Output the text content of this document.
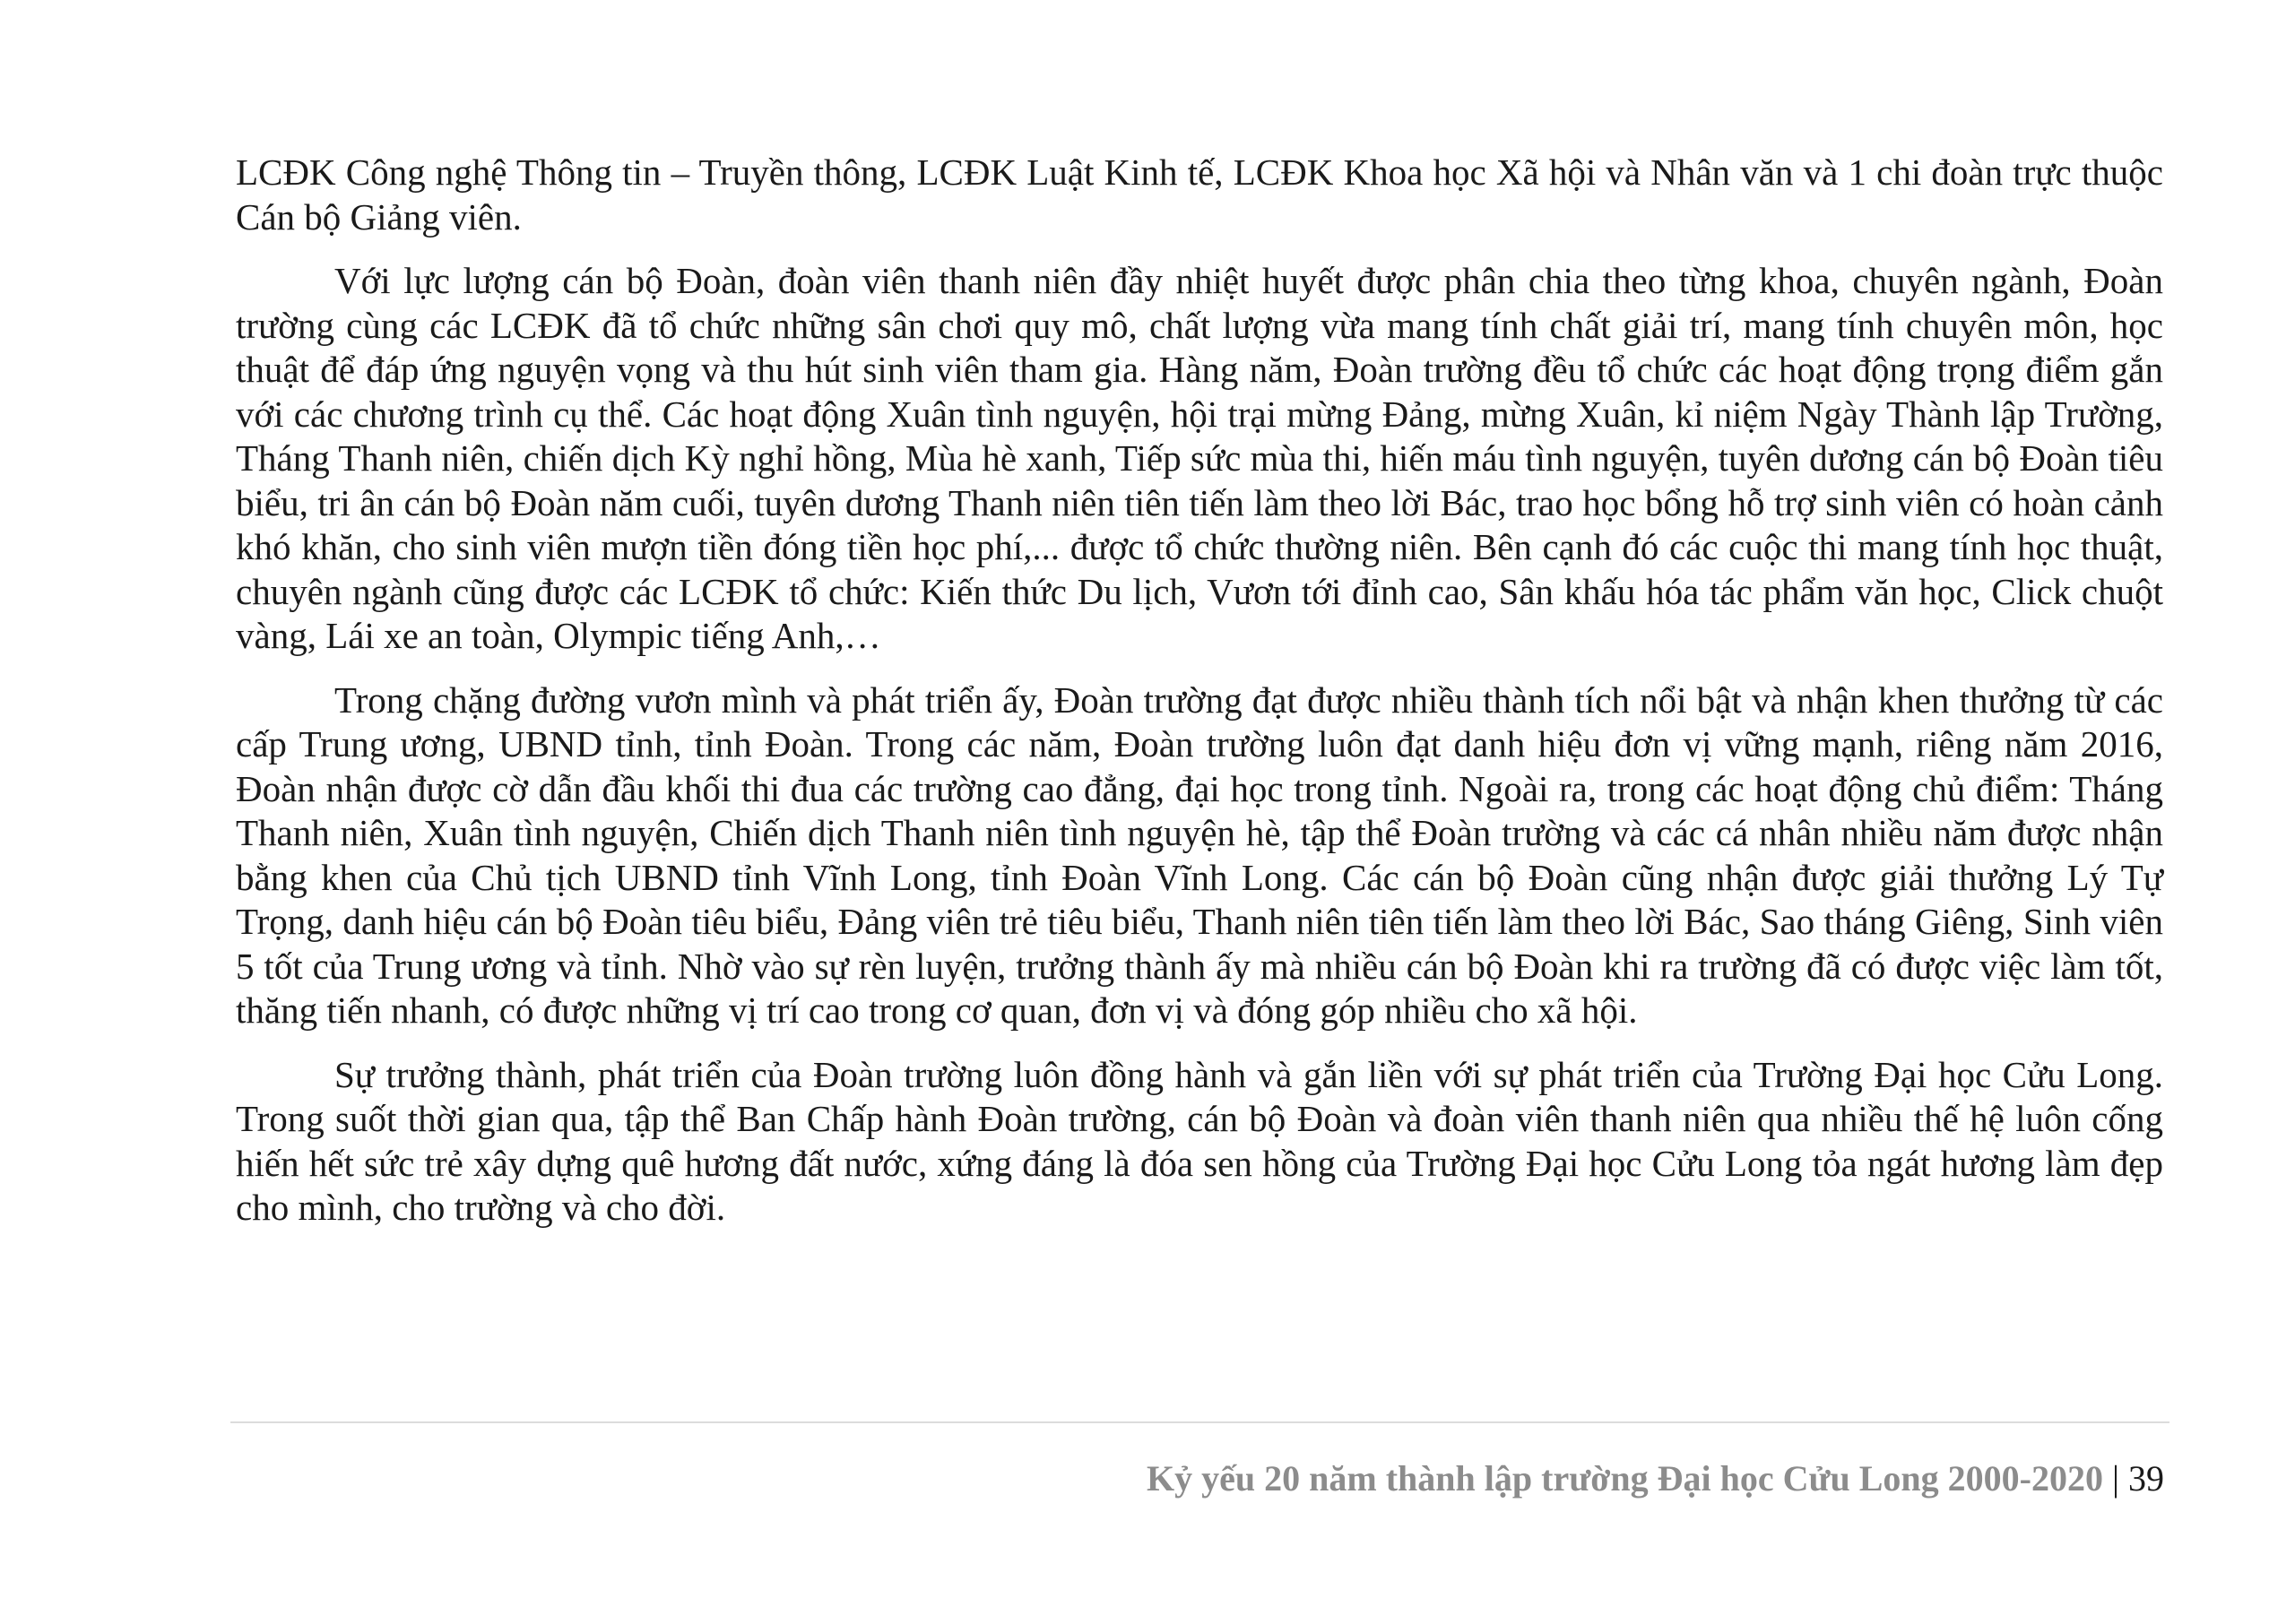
LCĐK Công nghệ Thông tin – Truyền thông, LCĐK Luật Kinh tế, LCĐK Khoa học Xã hội và Nhân văn và 1 chi đoàn trực thuộc Cán bộ Giảng viên.

Với lực lượng cán bộ Đoàn, đoàn viên thanh niên đầy nhiệt huyết được phân chia theo từng khoa, chuyên ngành, Đoàn trường cùng các LCĐK đã tổ chức những sân chơi quy mô, chất lượng vừa mang tính chất giải trí, mang tính chuyên môn, học thuật để đáp ứng nguyện vọng và thu hút sinh viên tham gia. Hàng năm, Đoàn trường đều tổ chức các hoạt động trọng điểm gắn với các chương trình cụ thể. Các hoạt động Xuân tình nguyện, hội trại mừng Đảng, mừng Xuân, kỉ niệm Ngày Thành lập Trường, Tháng Thanh niên, chiến dịch Kỳ nghỉ hồng, Mùa hè xanh, Tiếp sức mùa thi, hiến máu tình nguyện, tuyên dương cán bộ Đoàn tiêu biểu, tri ân cán bộ Đoàn năm cuối, tuyên dương Thanh niên tiên tiến làm theo lời Bác, trao học bổng hỗ trợ sinh viên có hoàn cảnh khó khăn, cho sinh viên mượn tiền đóng tiền học phí,... được tổ chức thường niên. Bên cạnh đó các cuộc thi mang tính học thuật, chuyên ngành cũng được các LCĐK tổ chức: Kiến thức Du lịch, Vươn tới đỉnh cao, Sân khấu hóa tác phẩm văn học, Click chuột vàng, Lái xe an toàn, Olympic tiếng Anh,…

Trong chặng đường vươn mình và phát triển ấy, Đoàn trường đạt được nhiều thành tích nổi bật và nhận khen thưởng từ các cấp Trung ương, UBND tỉnh, tỉnh Đoàn. Trong các năm, Đoàn trường luôn đạt danh hiệu đơn vị vững mạnh, riêng năm 2016, Đoàn nhận được cờ dẫn đầu khối thi đua các trường cao đẳng, đại học trong tỉnh. Ngoài ra, trong các hoạt động chủ điểm: Tháng Thanh niên, Xuân tình nguyện, Chiến dịch Thanh niên tình nguyện hè, tập thể Đoàn trường và các cá nhân nhiều năm được nhận bằng khen của Chủ tịch UBND tỉnh Vĩnh Long, tỉnh Đoàn Vĩnh Long. Các cán bộ Đoàn cũng nhận được giải thưởng Lý Tự Trọng, danh hiệu cán bộ Đoàn tiêu biểu, Đảng viên trẻ tiêu biểu, Thanh niên tiên tiến làm theo lời Bác, Sao tháng Giêng, Sinh viên 5 tốt của Trung ương và tỉnh. Nhờ vào sự rèn luyện, trưởng thành ấy mà nhiều cán bộ Đoàn khi ra trường đã có được việc làm tốt, thăng tiến nhanh, có được những vị trí cao trong cơ quan, đơn vị và đóng góp nhiều cho xã hội.

Sự trưởng thành, phát triển của Đoàn trường luôn đồng hành và gắn liền với sự phát triển của Trường Đại học Cửu Long. Trong suốt thời gian qua, tập thể Ban Chấp hành Đoàn trường, cán bộ Đoàn và đoàn viên thanh niên qua nhiều thế hệ luôn cống hiến hết sức trẻ xây dựng quê hương đất nước, xứng đáng là đóa sen hồng của Trường Đại học Cửu Long tỏa ngát hương làm đẹp cho mình, cho trường và cho đời.

Kỷ yếu 20 năm thành lập trường Đại học Cửu Long 2000-2020 | 39
